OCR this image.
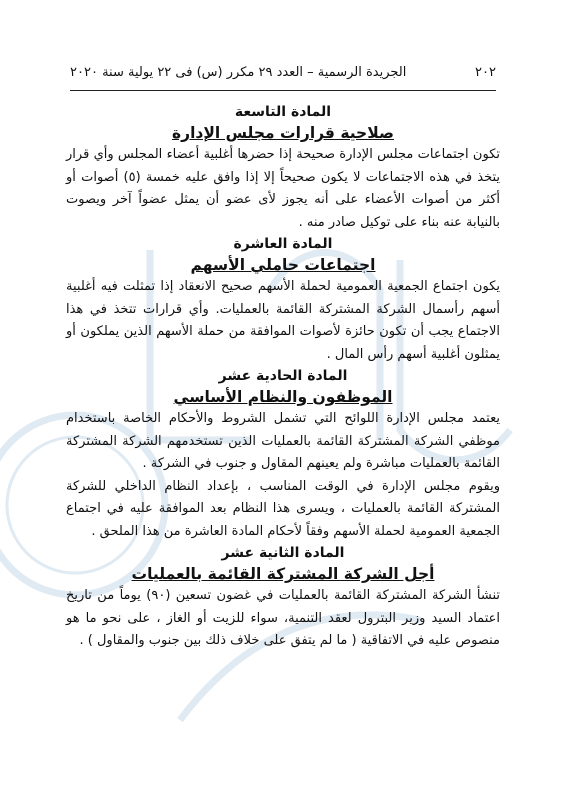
٢٠٢
الجريدة الرسمية – العدد ٢٩ مكرر (س) فى ٢٢ يولية سنة ٢٠٢٠
المادة التاسعة
صلاحية قرارات مجلس الإدارة

تكون اجتماعات مجلس الإدارة صحيحة إذا حضرها أغلبية أعضاء المجلس وأي قرار يتخذ في هذه الاجتماعات لا يكون صحيحاً إلا إذا وافق عليه خمسة (٥) أصوات أو أكثر من أصوات الأعضاء على أنه يجوز لأى عضو أن يمثل عضواً آخر ويصوت بالنيابة عنه بناء على توكيل صادر منه .

المادة العاشرة
اجتماعات حاملي الأسهم

يكون اجتماع الجمعية العمومية لحملة الأسهم صحيح الانعقاد إذا تمثلت فيه أغلبية أسهم رأسمال الشركة المشتركة القائمة بالعمليات. وأي قرارات تتخذ في هذا الاجتماع يجب أن تكون حائزة لأصوات الموافقة من حملة الأسهم الذين يملكون أو يمثلون أغلبية أسهم رأس المال .

المادة الحادية عشر
الموظفون والنظام الأساسي

يعتمد مجلس الإدارة اللوائح التي تشمل الشروط والأحكام الخاصة باستخدام موظفي الشركة المشتركة القائمة بالعمليات الذين تستخدمهم الشركة المشتركة القائمة بالعمليات مباشرة ولم يعينهم المقاول و جنوب في الشركة .

ويقوم مجلس الإدارة في الوقت المناسب ، بإعداد النظام الداخلي للشركة المشتركة القائمة بالعمليات ، ويسرى هذا النظام بعد الموافقة عليه في اجتماع الجمعية العمومية لحملة الأسهم وفقاً لأحكام المادة العاشرة من هذا الملحق .

المادة الثانية عشر
أجل الشركة المشتركة القائمة بالعمليات

تنشأ الشركة المشتركة القائمة بالعمليات في غضون تسعين (٩٠) يوماً من تاريخ اعتماد السيد وزير البترول لعقد التنمية، سواء للزيت أو الغاز ، على نحو ما هو منصوص عليه في الاتفاقية ( ما لم يتفق على خلاف ذلك بين جنوب والمقاول ) .
